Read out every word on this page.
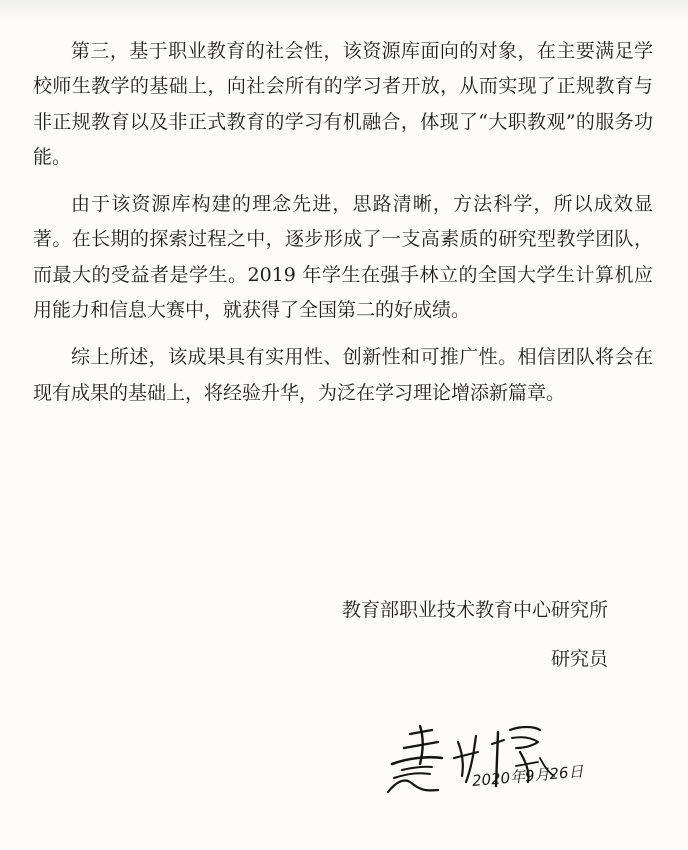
第三，基于职业教育的社会性，该资源库面向的对象，在主要满足学校师生教学的基础上，向社会所有的学习者开放，从而实现了正规教育与非正规教育以及非正式教育的学习有机融合，体现了“大职教观”的服务功能。

由于该资源库构建的理念先进，思路清晰，方法科学，所以成效显著。在长期的探索过程之中，逐步形成了一支高素质的研究型教学团队，而最大的受益者是学生。2019 年学生在强手林立的全国大学生计算机应用能力和信息大赛中，就获得了全国第二的好成绩。

综上所述，该成果具有实用性、创新性和可推广性。相信团队将会在现有成果的基础上，将经验升华，为泛在学习理论增添新篇章。

教育部职业技术教育中心研究所
研究员
2020年9月26日
